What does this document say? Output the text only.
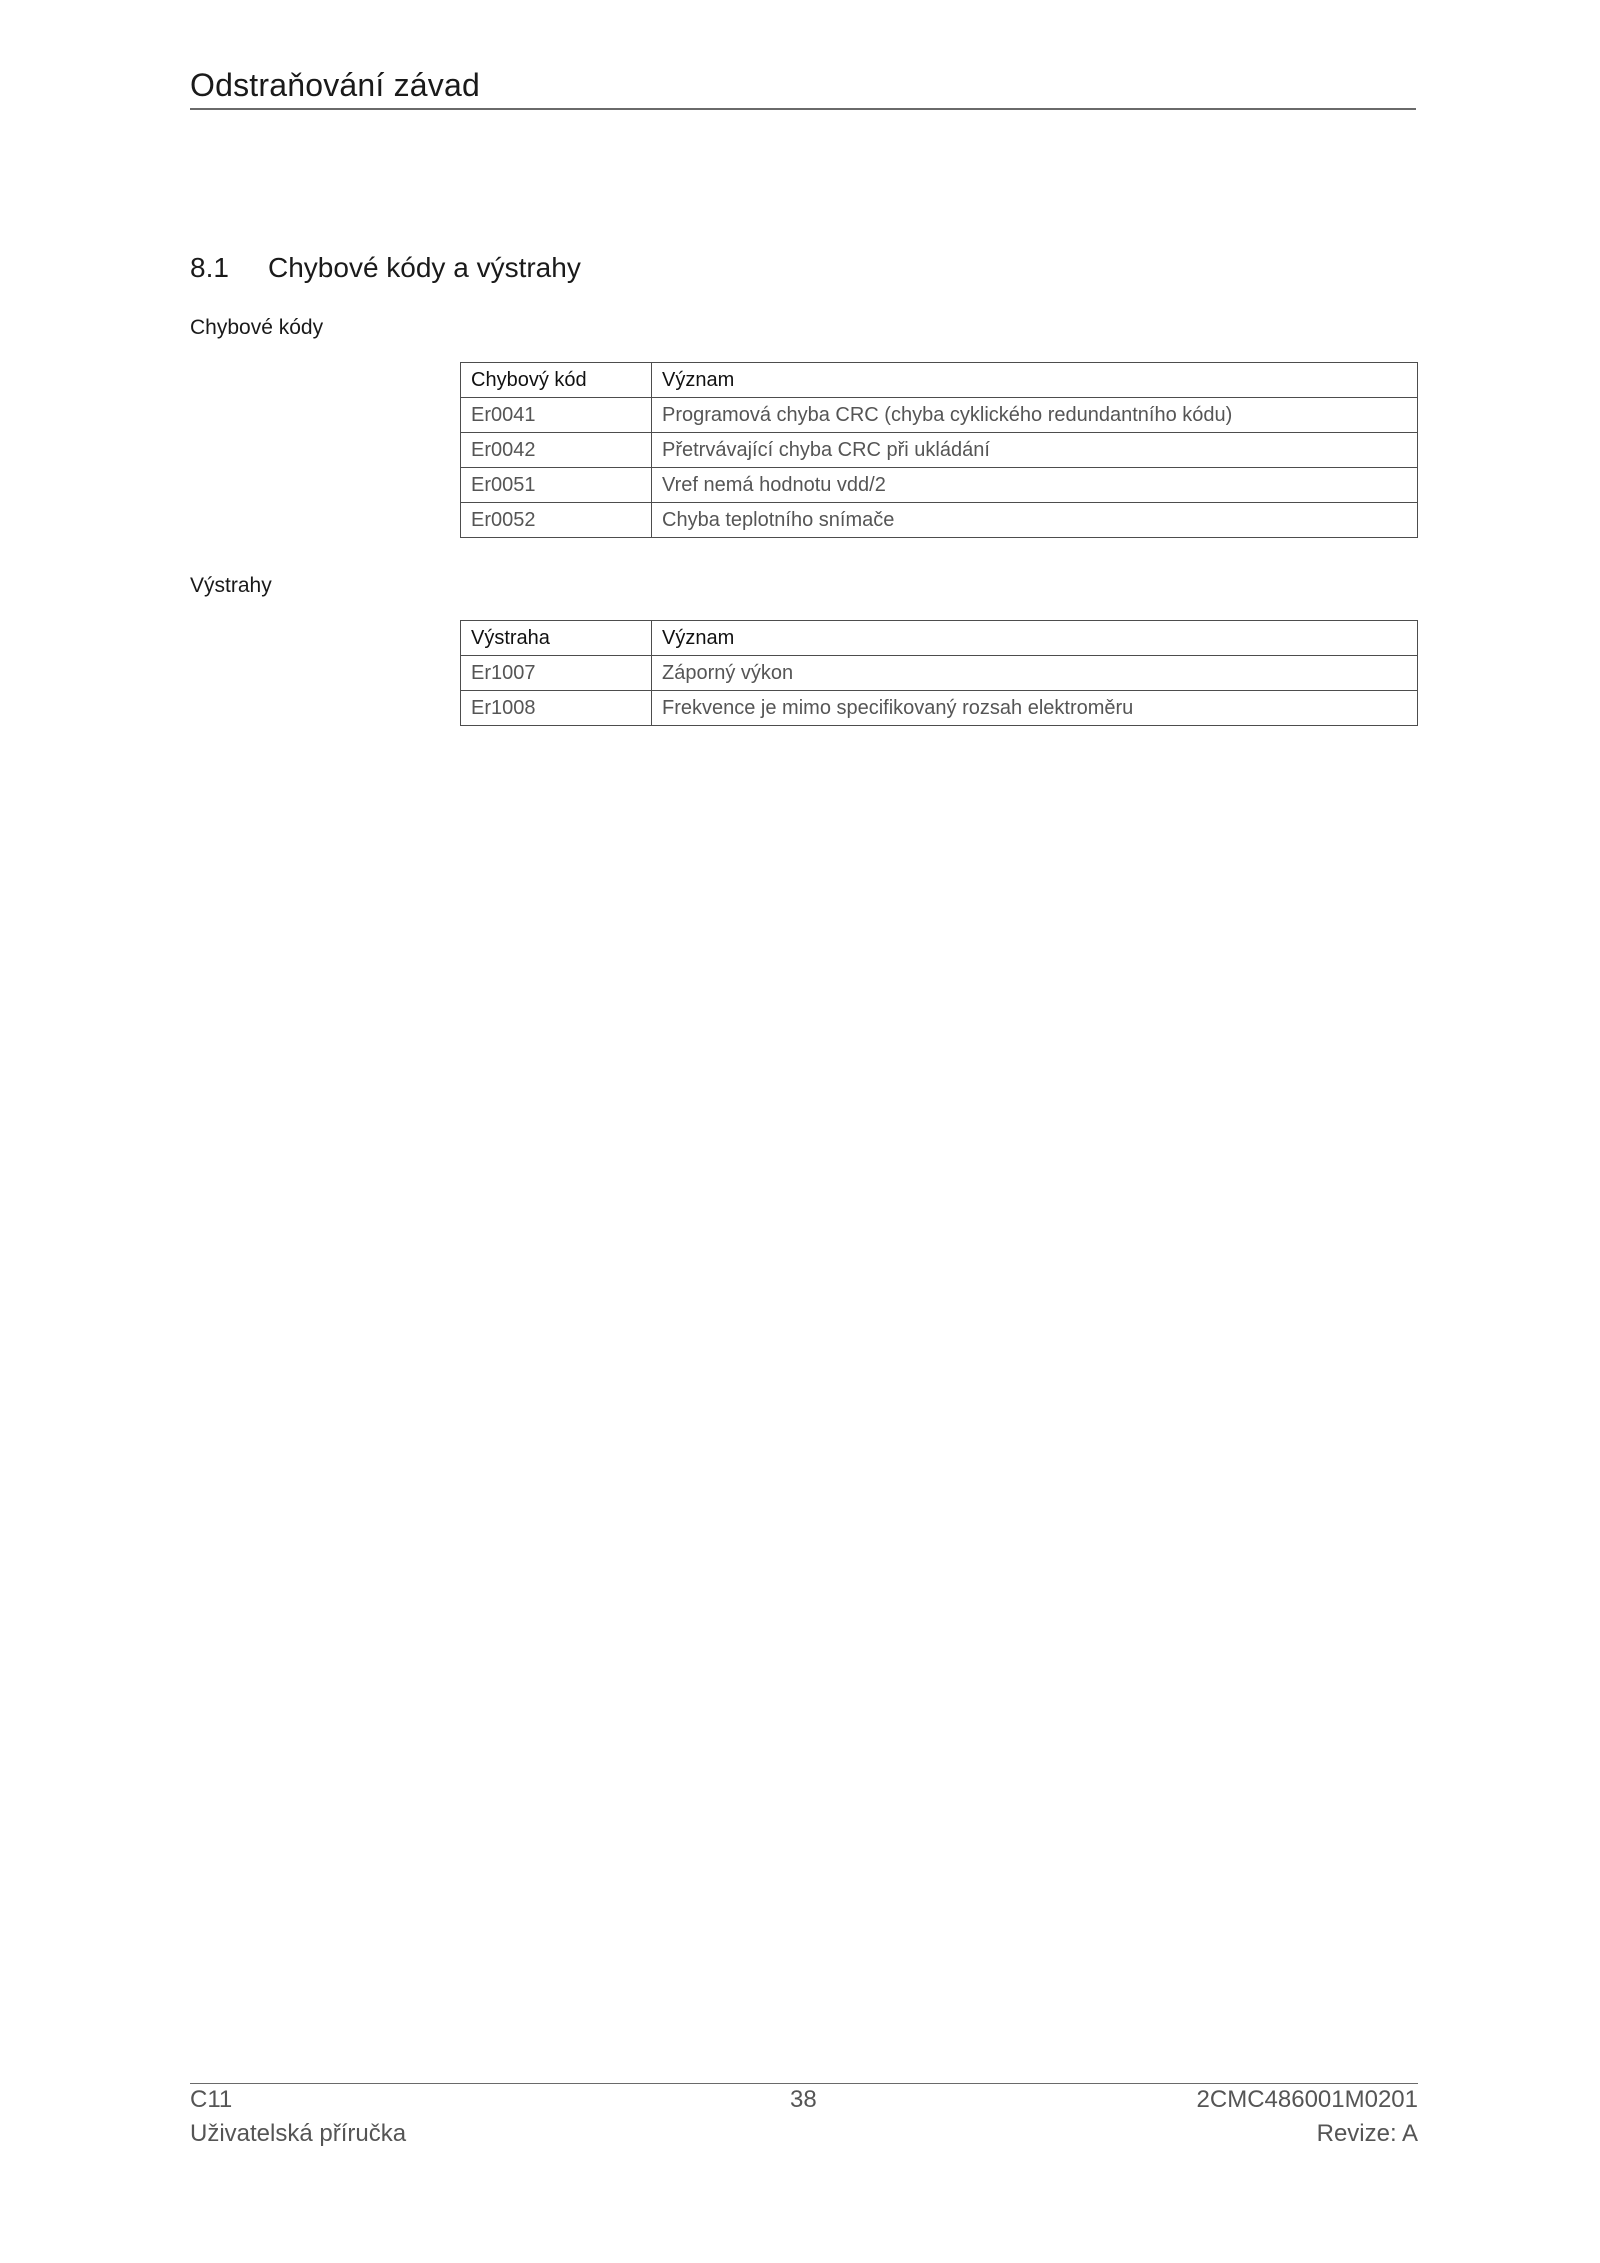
Odstraňování závad
8.1 Chybové kódy a výstrahy
Chybové kódy
Chybový kód	Význam
Er0041	Programová chyba CRC (chyba cyklického redundantního kódu)
Er0042	Přetrvávající chyba CRC při ukládání
Er0051	Vref nemá hodnotu vdd/2
Er0052	Chyba teplotního snímače
Výstrahy
Výstraha	Význam
Er1007	Záporný výkon
Er1008	Frekvence je mimo specifikovaný rozsah elektroměru
C11	38	2CMC486001M0201
Uživatelská příručka	Revize: A
